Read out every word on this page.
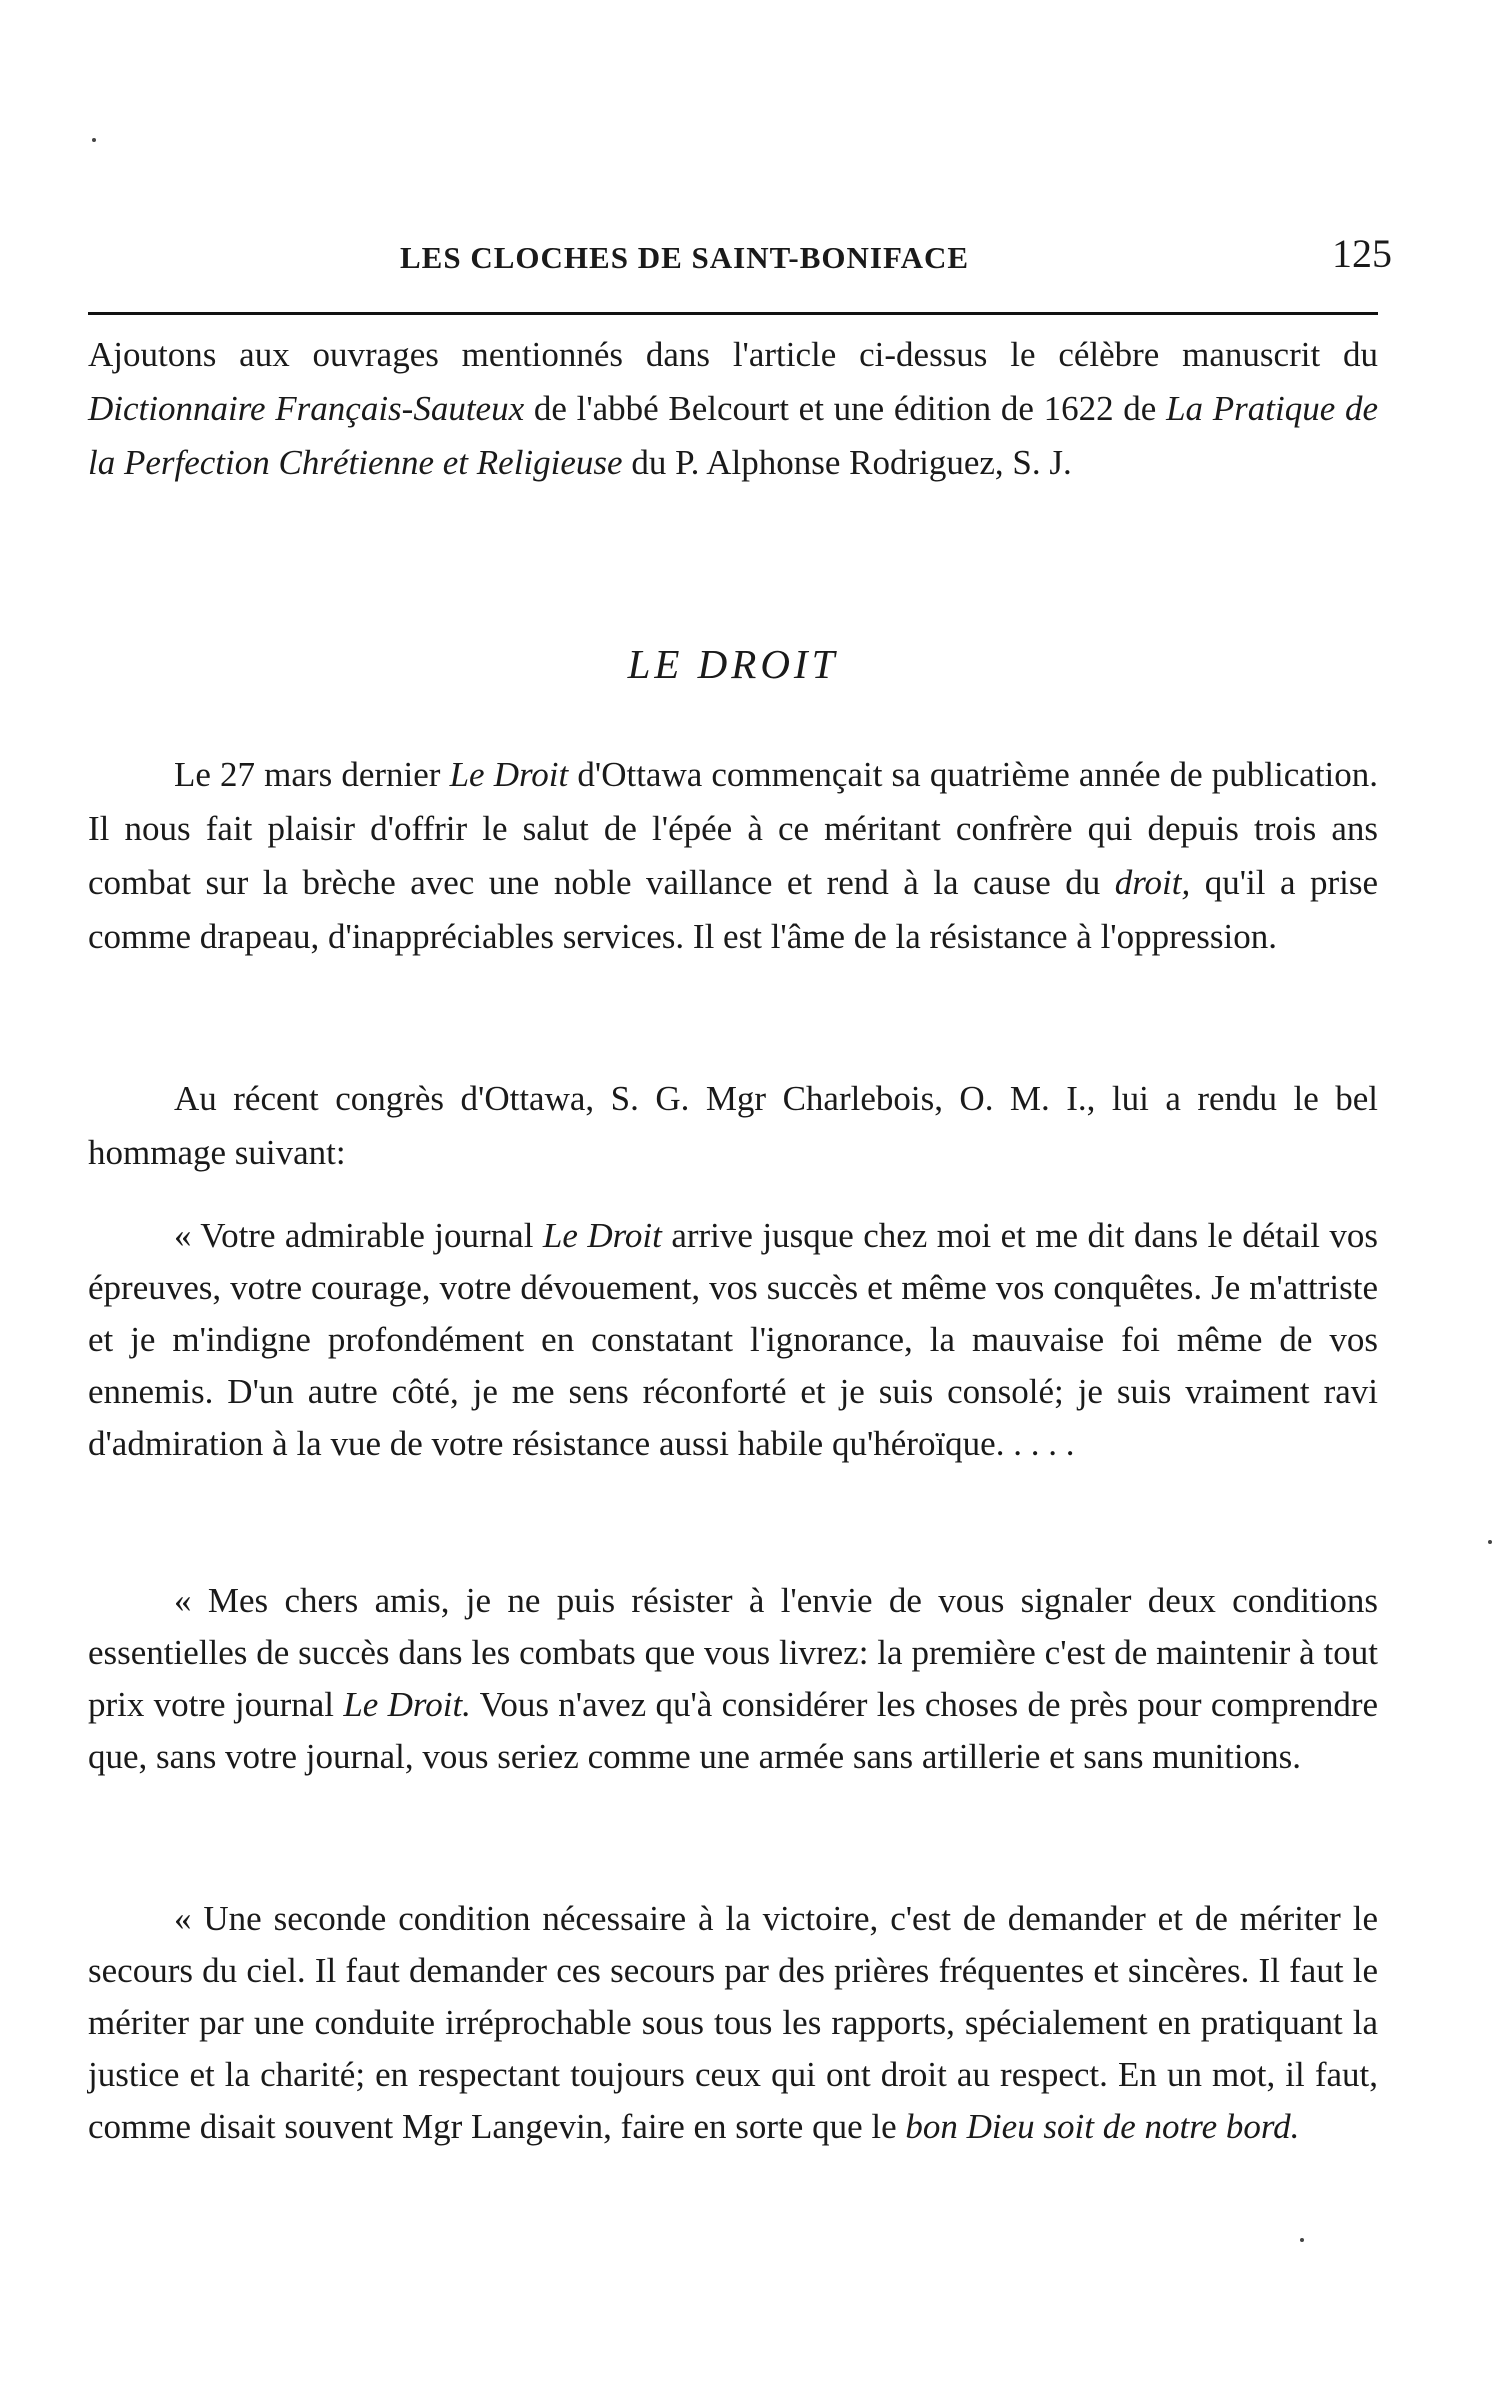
LES CLOCHES DE SAINT-BONIFACE	125

Ajoutons aux ouvrages mentionnés dans l'article ci-dessus le célèbre manuscrit du Dictionnaire Français-Sauteux de l'abbé Belcourt et une édition de 1622 de La Pratique de la Perfection Chrétienne et Religieuse du P. Alphonse Rodriguez, S. J.

LE DROIT

Le 27 mars dernier Le Droit d'Ottawa commençait sa quatrième année de publication. Il nous fait plaisir d'offrir le salut de l'épée à ce méritant confrère qui depuis trois ans combat sur la brèche avec une noble vaillance et rend à la cause du droit, qu'il a prise comme drapeau, d'inappréciables services. Il est l'âme de la résistance à l'oppression.

Au récent congrès d'Ottawa, S. G. Mgr Charlebois, O. M. I., lui a rendu le bel hommage suivant:

« Votre admirable journal Le Droit arrive jusque chez moi et me dit dans le détail vos épreuves, votre courage, votre dévouement, vos succès et même vos conquêtes. Je m'attriste et je m'indigne profondément en constatant l'ignorance, la mauvaise foi même de vos ennemis. D'un autre côté, je me sens réconforté et je suis consolé; je suis vraiment ravi d'admiration à la vue de votre résistance aussi habile qu'héroïque. . . . .

« Mes chers amis, je ne puis résister à l'envie de vous signaler deux conditions essentielles de succès dans les combats que vous livrez: la première c'est de maintenir à tout prix votre journal Le Droit. Vous n'avez qu'à considérer les choses de près pour comprendre que, sans votre journal, vous seriez comme une armée sans artillerie et sans munitions.

« Une seconde condition nécessaire à la victoire, c'est de demander et de mériter le secours du ciel. Il faut demander ces secours par des prières fréquentes et sincères. Il faut le mériter par une conduite irréprochable sous tous les rapports, spécialement en pratiquant la justice et la charité; en respectant toujours ceux qui ont droit au respect. En un mot, il faut, comme disait souvent Mgr Langevin, faire en sorte que le bon Dieu soit de notre bord.
